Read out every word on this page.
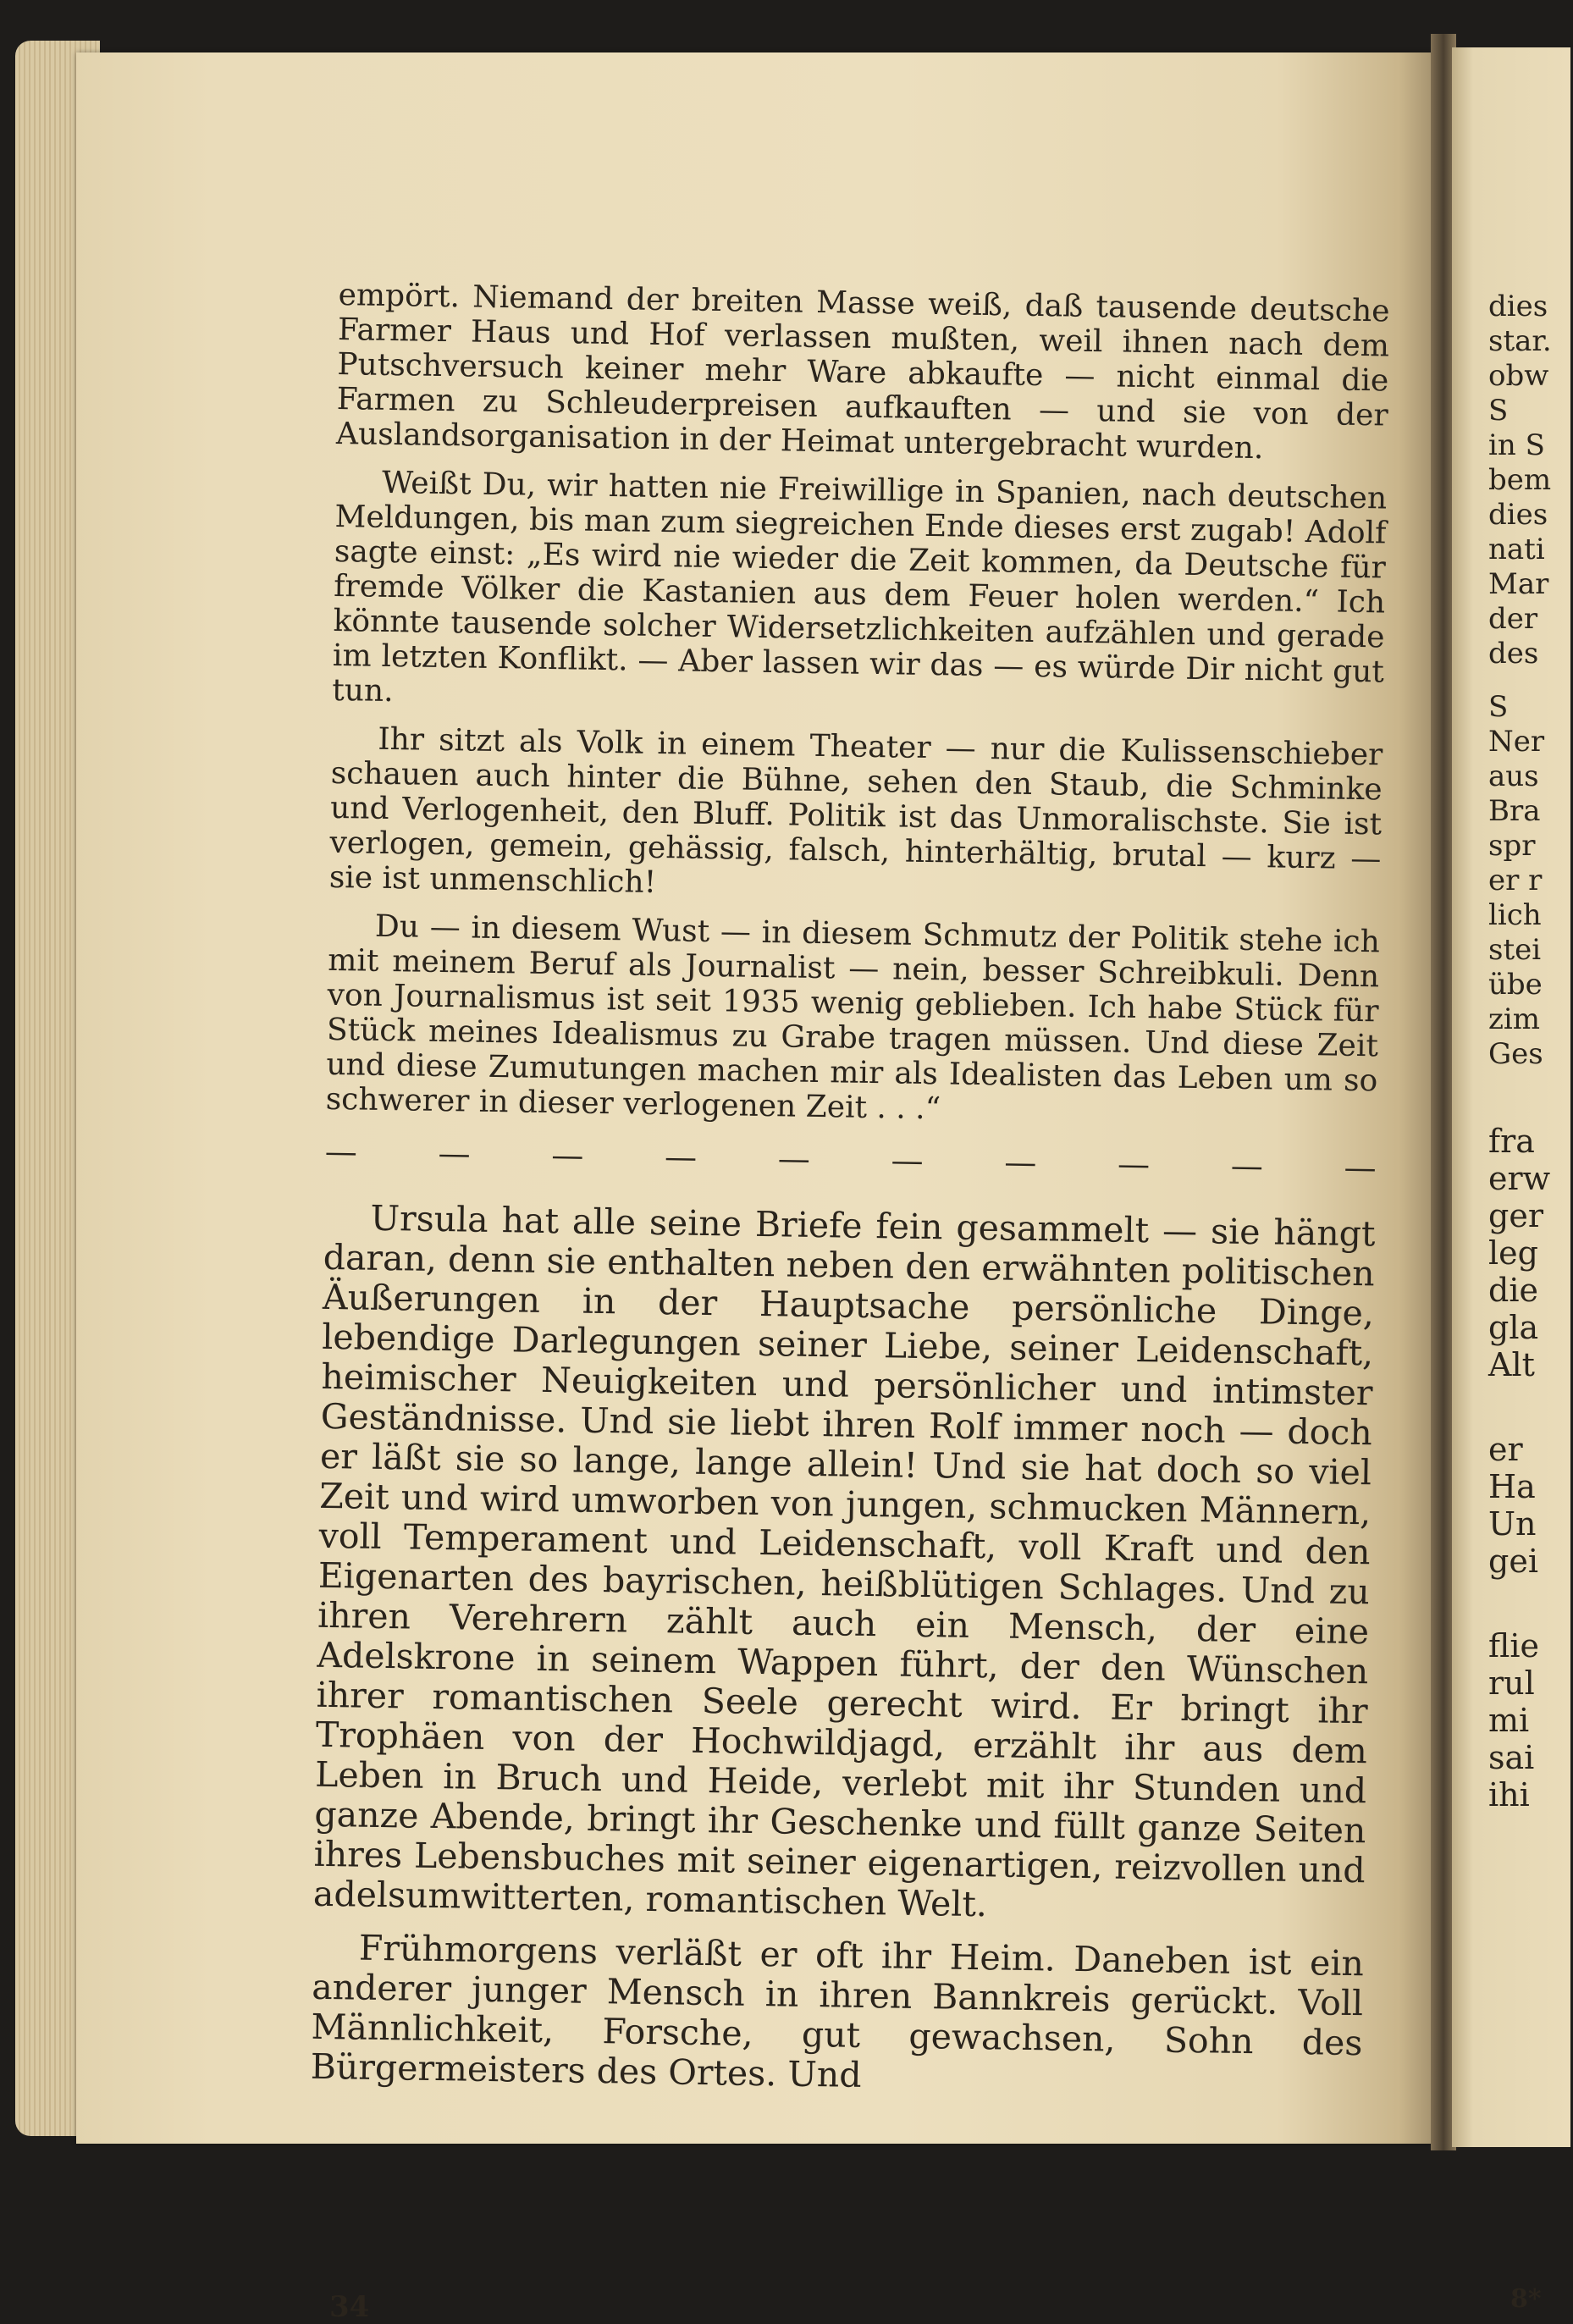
empört. Niemand der breiten Masse weiß, daß tausende deutsche Farmer Haus und Hof verlassen mußten, weil ihnen nach dem Putschversuch keiner mehr Ware abkaufte — nicht einmal die Farmen zu Schleuderpreisen aufkauften — und sie von der Auslandsorganisation in der Heimat untergebracht wurden.

Weißt Du, wir hatten nie Freiwillige in Spanien, nach deutschen Meldungen, bis man zum siegreichen Ende dieses erst zugab! Adolf sagte einst: „Es wird nie wieder die Zeit kommen, da Deutsche für fremde Völker die Kastanien aus dem Feuer holen werden.“ Ich könnte tausende solcher Widersetzlichkeiten aufzählen und gerade im letzten Konflikt. — Aber lassen wir das — es würde Dir nicht gut tun.

Ihr sitzt als Volk in einem Theater — nur die Kulissenschieber schauen auch hinter die Bühne, sehen den Staub, die Schminke und Verlogenheit, den Bluff. Politik ist das Unmoralischste. Sie ist verlogen, gemein, gehässig, falsch, hinterhältig, brutal — kurz — sie ist unmenschlich!

Du — in diesem Wust — in diesem Schmutz der Politik stehe ich mit meinem Beruf als Journalist — nein, besser Schreibkuli. Denn von Journalismus ist seit 1935 wenig geblieben. Ich habe Stück für Stück meines Idealismus zu Grabe tragen müssen. Und diese Zeit und diese Zumutungen machen mir als Idealisten das Leben um so schwerer in dieser verlogenen Zeit . . .“

—	—	—	—	—	—	—	—	—	—

Ursula hat alle seine Briefe fein gesammelt — sie hängt daran, denn sie enthalten neben den erwähnten politischen Äußerungen in der Hauptsache persönliche Dinge, lebendige Darlegungen seiner Liebe, seiner Leidenschaft, heimischer Neuigkeiten und persönlicher und intimster Geständnisse. Und sie liebt ihren Rolf immer noch — doch er läßt sie so lange, lange allein! Und sie hat doch so viel Zeit und wird umworben von jungen, schmucken Männern, voll Temperament und Leidenschaft, voll Kraft und den Eigenarten des bayrischen, heißblütigen Schlages. Und zu ihren Verehrern zählt auch ein Mensch, der eine Adelskrone in seinem Wappen führt, der den Wünschen ihrer romantischen Seele gerecht wird. Er bringt ihr Trophäen von der Hochwildjagd, erzählt ihr aus dem Leben in Bruch und Heide, verlebt mit ihr Stunden und ganze Abende, bringt ihr Geschenke und füllt ganze Seiten ihres Lebensbuches mit seiner eigenartigen, reizvollen und adelsumwitterten, romantischen Welt.

Frühmorgens verläßt er oft ihr Heim. Daneben ist ein anderer junger Mensch in ihren Bannkreis gerückt. Voll Männlichkeit, Forsche, gut gewachsen, Sohn des Bürgermeisters des Ortes. Und

34
dies
star.
obw
S
in S
bem
dies
nati
Mar
der
des
S
Ner
aus
Bra
spr
er r
lich
stei
übe
zim
Ges
fra
erw
ger
leg
die
gla
Alt
er
Ha
Un
gei
flie
rul
mi
sai
ihi
8*
